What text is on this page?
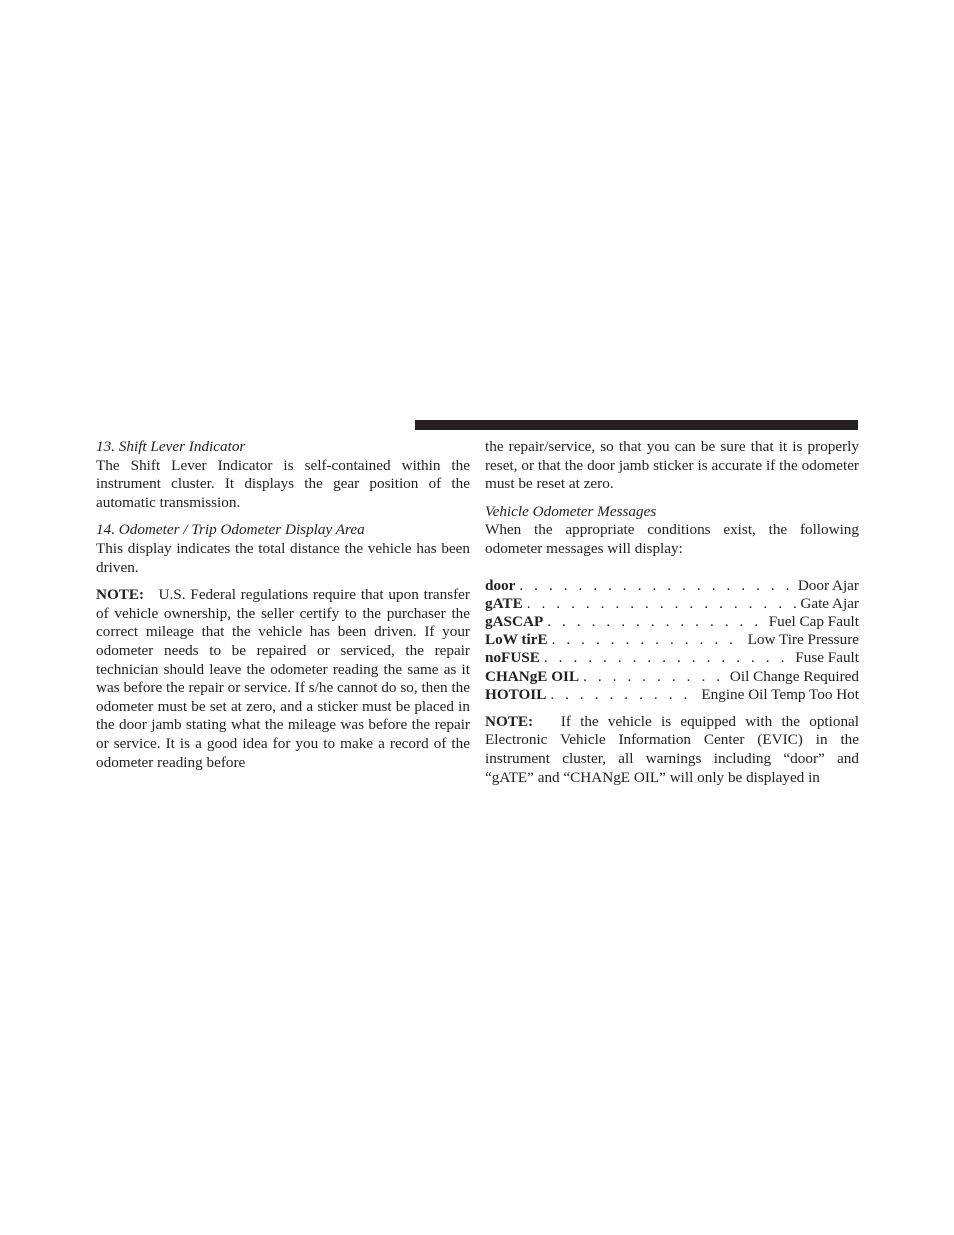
13. Shift Lever Indicator

The Shift Lever Indicator is self-contained within the instrument cluster. It displays the gear position of the automatic transmission.

14. Odometer / Trip Odometer Display Area

This display indicates the total distance the vehicle has been driven.

NOTE: U.S. Federal regulations require that upon transfer of vehicle ownership, the seller certify to the purchaser the correct mileage that the vehicle has been driven. If your odometer needs to be repaired or serviced, the repair technician should leave the odometer reading the same as it was before the repair or service. If s/he cannot do so, then the odometer must be set at zero, and a sticker must be placed in the door jamb stating what the mileage was before the repair or service. It is a good idea for you to make a record of the odometer reading before

the repair/service, so that you can be sure that it is properly reset, or that the door jamb sticker is accurate if the odometer must be reset at zero.

Vehicle Odometer Messages

When the appropriate conditions exist, the following odometer messages will display:

door . . .	Door Ajar
gATE . . .	Gate Ajar
gASCAP . . .	Fuel Cap Fault
LoW tirE . . .	Low Tire Pressure
noFUSE . . .	Fuse Fault
CHANgE OIL . . .	Oil Change Required
HOTOIL . . .	Engine Oil Temp Too Hot

NOTE: If the vehicle is equipped with the optional Electronic Vehicle Information Center (EVIC) in the instrument cluster, all warnings including “door” and “gATE” and “CHANgE OIL” will only be displayed in
